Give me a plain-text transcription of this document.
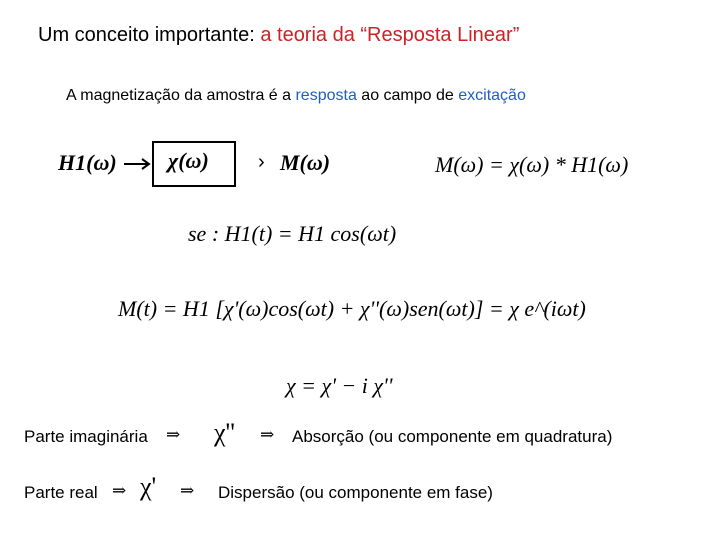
Um conceito importante: a teoria da “Resposta Linear”
A magnetização da amostra é a resposta ao campo de excitação
H1(ω) χ(ω) › M(ω)	M(ω) = χ(ω) * H1(ω)
se : H1(t) = H1 cos(ωt)
M(t) = H1 [χ'(ω)cos(ωt) + χ''(ω)sen(ωt)] = χ e^(iωt)
χ = χ' − i χ''
Parte imaginária ⇒ χ'' ⇒ Absorção (ou componente em quadratura)
Parte real ⇒ χ' ⇒ Dispersão (ou componente em fase)
